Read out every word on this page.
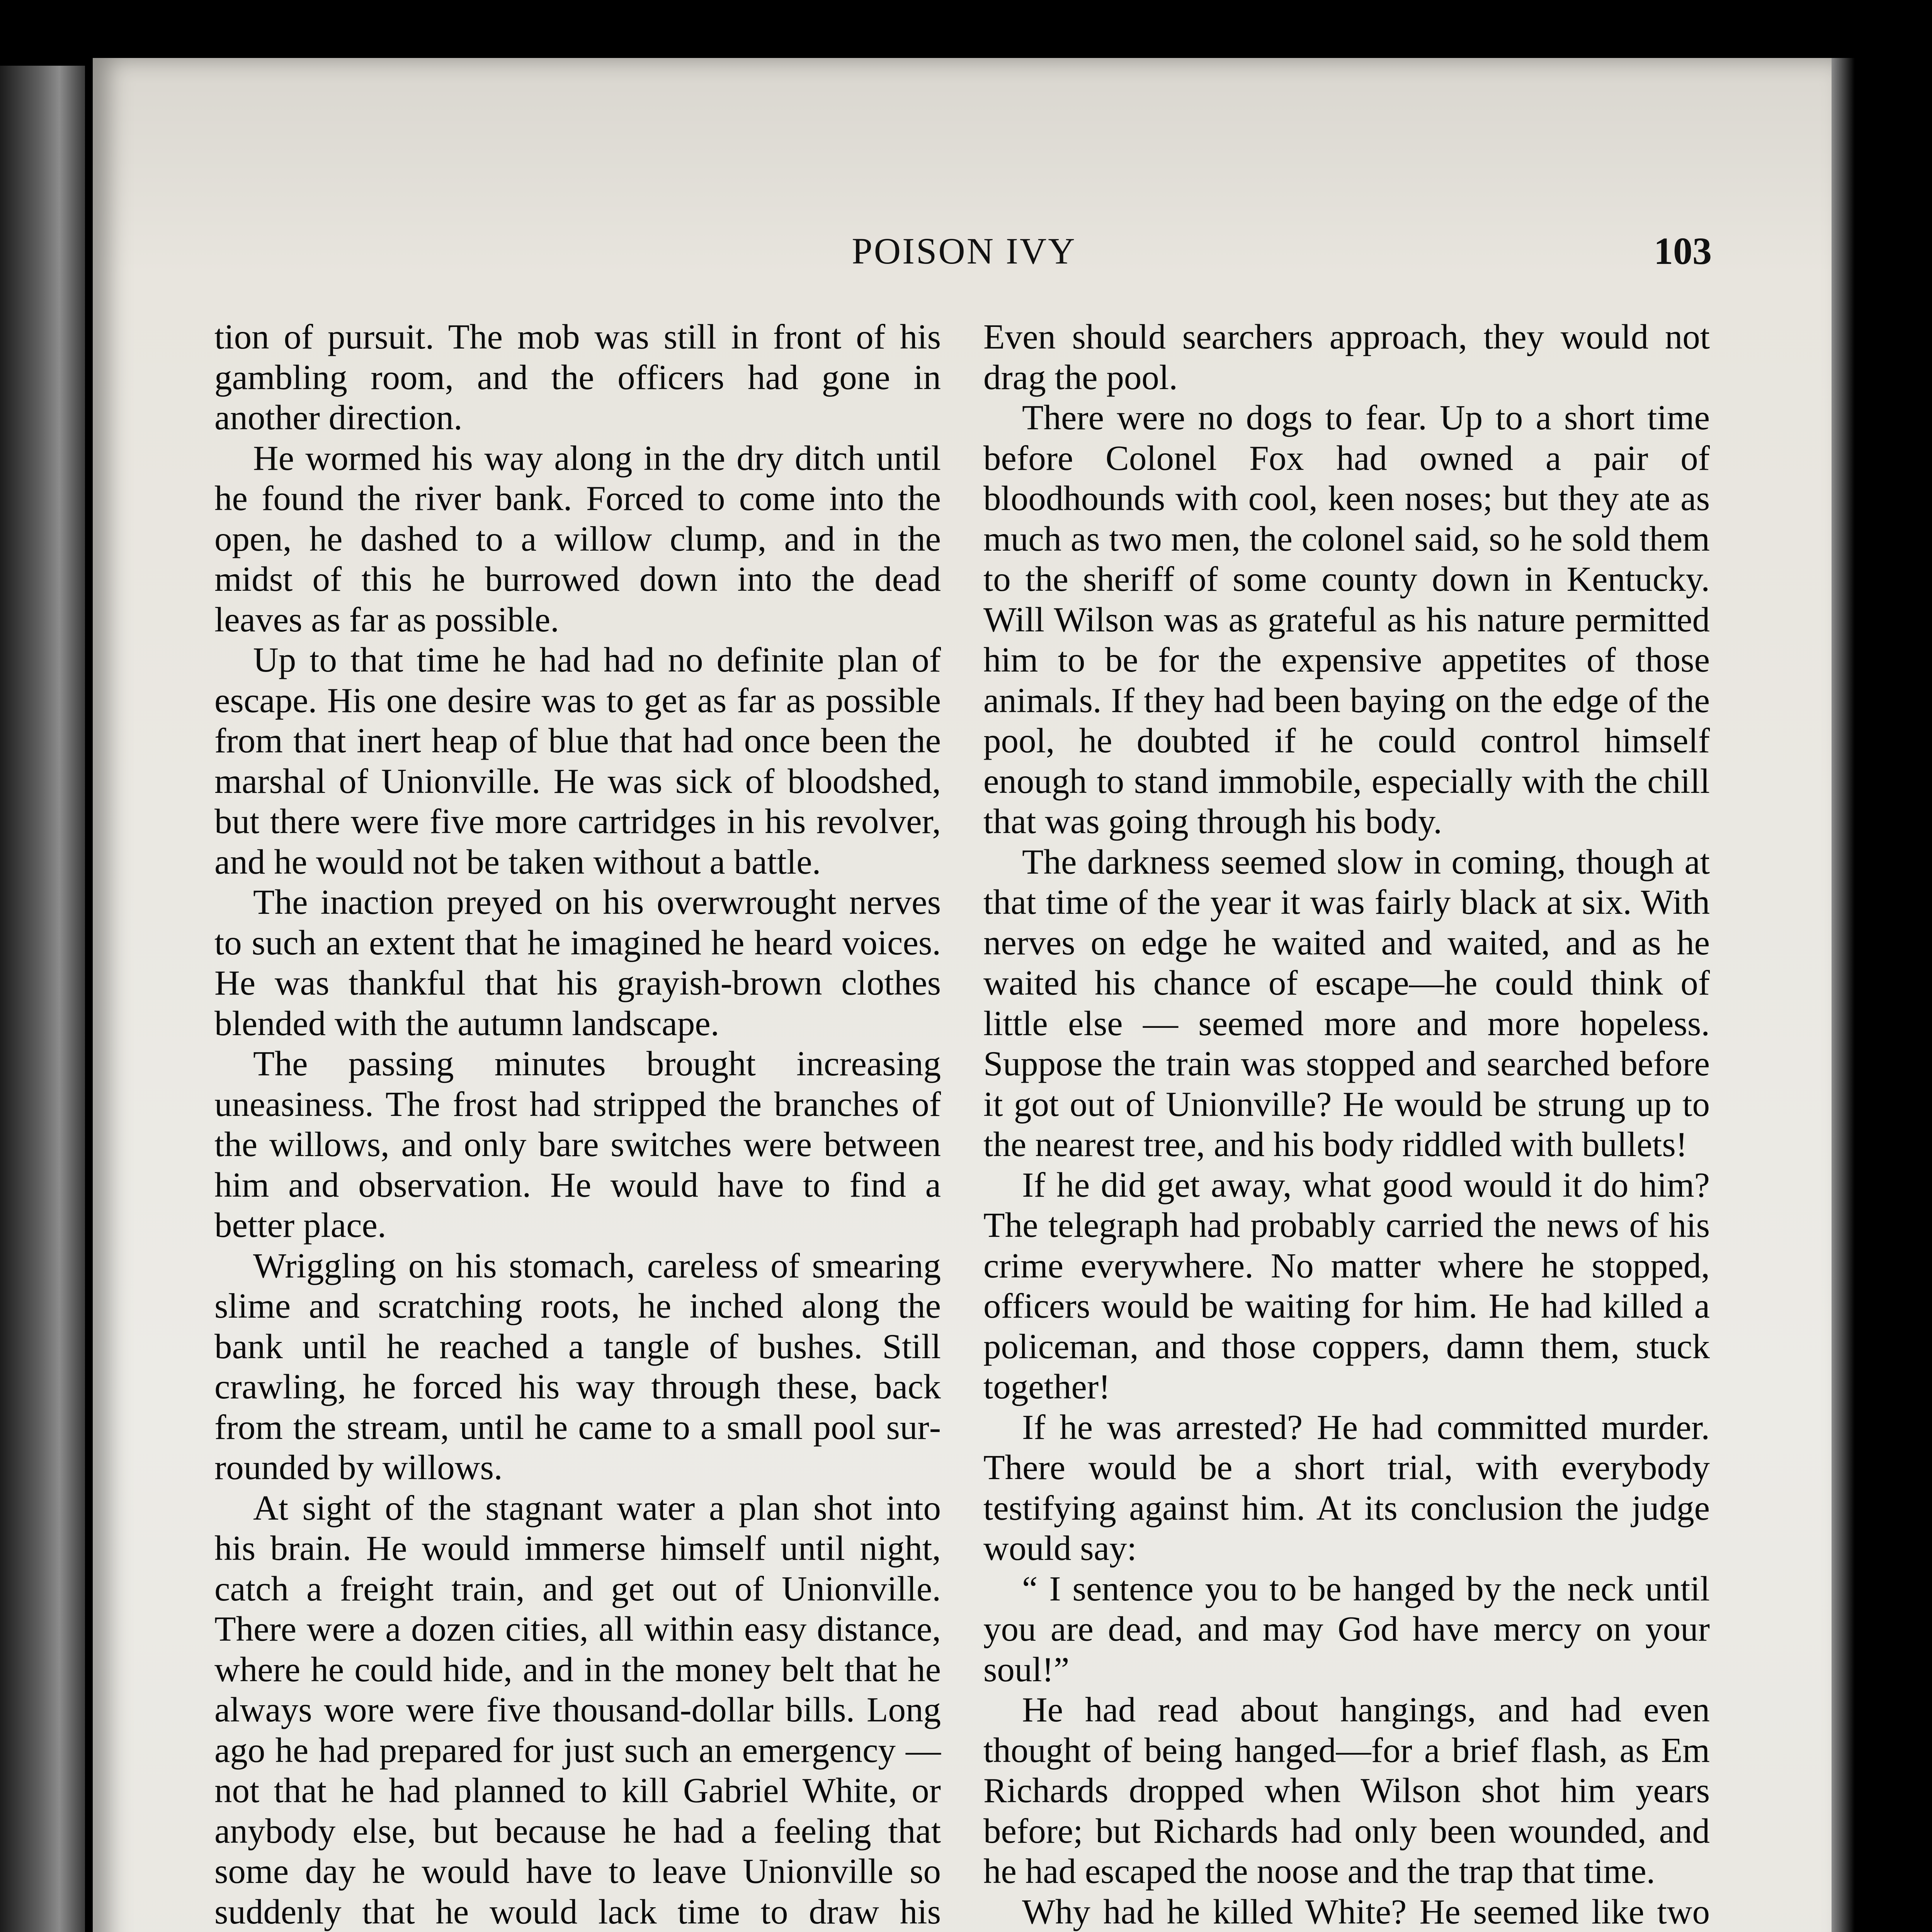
POISON IVY	103

tion of pursuit. The mob was still in front of his gambling room, and the officers had gone in another direction.

He wormed his way along in the dry ditch until he found the river bank. Forced to come into the open, he dashed to a willow clump, and in the midst of this he burrowed down into the dead leaves as far as possible.

Up to that time he had had no definite plan of escape. His one desire was to get as far as possible from that inert heap of blue that had once been the marshal of Unionville. He was sick of bloodshed, but there were five more cartridges in his revolver, and he would not be taken without a battle.

The inaction preyed on his overwrought nerves to such an extent that he imagined he heard voices. He was thankful that his grayish-brown clothes blended with the autumn landscape.

The passing minutes brought increasing uneasiness. The frost had stripped the branches of the willows, and only bare switches were between him and observation. He would have to find a better place.

Wriggling on his stomach, careless of smearing slime and scratching roots, he inched along the bank until he reached a tangle of bushes. Still crawling, he forced his way through these, back from the stream, until he came to a small pool surrounded by willows.

At sight of the stagnant water a plan shot into his brain. He would immerse himself until night, catch a freight train, and get out of Unionville. There were a dozen cities, all within easy distance, where he could hide, and in the money belt that he always wore were five thousand-dollar bills. Long ago he had prepared for just such an emergency — not that he had planned to kill Gabriel White, or anybody else, but because he had a feeling that some day he would have to leave Unionville so suddenly that he would lack time to draw his

Even should searchers approach, they would not drag the pool.

There were no dogs to fear. Up to a short time before Colonel Fox had owned a pair of bloodhounds with cool, keen noses; but they ate as much as two men, the colonel said, so he sold them to the sheriff of some county down in Kentucky. Will Wilson was as grateful as his nature permitted him to be for the expensive appetites of those animals. If they had been baying on the edge of the pool, he doubted if he could control himself enough to stand immobile, especially with the chill that was going through his body.

The darkness seemed slow in coming, though at that time of the year it was fairly black at six. With nerves on edge he waited and waited, and as he waited his chance of escape—he could think of little else — seemed more and more hopeless. Suppose the train was stopped and searched before it got out of Unionville? He would be strung up to the nearest tree, and his body riddled with bullets!

If he did get away, what good would it do him? The telegraph had probably carried the news of his crime everywhere. No matter where he stopped, officers would be waiting for him. He had killed a policeman, and those coppers, damn them, stuck together!

If he was arrested? He had committed murder. There would be a short trial, with everybody testifying against him. At its conclusion the judge would say:

“ I sentence you to be hanged by the neck until you are dead, and may God have mercy on your soul!”

He had read about hangings, and had even thought of being hanged—for a brief flash, as Em Richards dropped when Wilson shot him years before; but Richards had only been wounded, and he had escaped the noose and the trap that time.

Why had he killed White? He seemed like two
